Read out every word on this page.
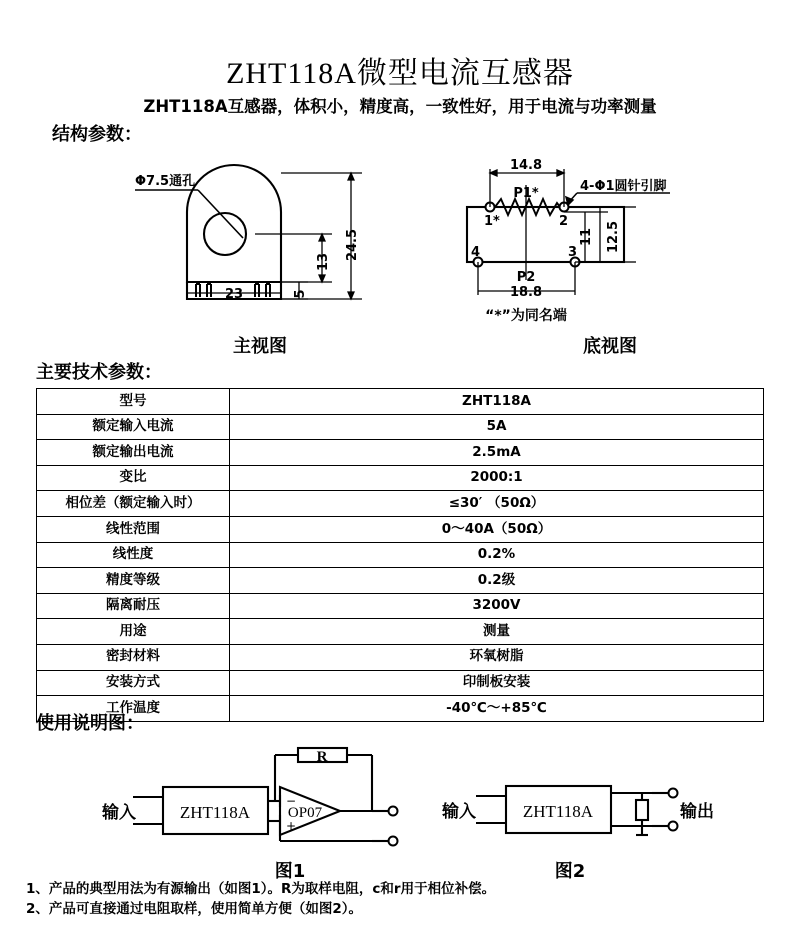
ZHT118A微型电流互感器
ZHT118A互感器，体积小，精度高，一致性好，用于电流与功率测量
结构参数：
Φ7.5通孔
24.5
13
5
23
主视图
14.8
4-Φ1圆针引脚
P1*
1*	2
4	3
11 12.5
P2
18.8
“*”为同名端
底视图
主要技术参数：
型号	ZHT118A
额定输入电流	5A
额定输出电流	2.5mA
变比	2000:1
相位差（额定输入时）	≤30′ （50Ω）
线性范围	0～40A（50Ω）
线性度	0.2%
精度等级	0.2级
隔离耐压	3200V
用途	测量
密封材料	环氧树脂
安装方式	印制板安装
工作温度	-40℃～+85℃
使用说明图：
输入	ZHT118A
R
OP07
−
+
图1
输入	ZHT118A	输出
图2
1、产品的典型用法为有源输出（如图1）。R为取样电阻，c和r用于相位补偿。
2、产品可直接通过电阻取样，使用简单方便（如图2）。
